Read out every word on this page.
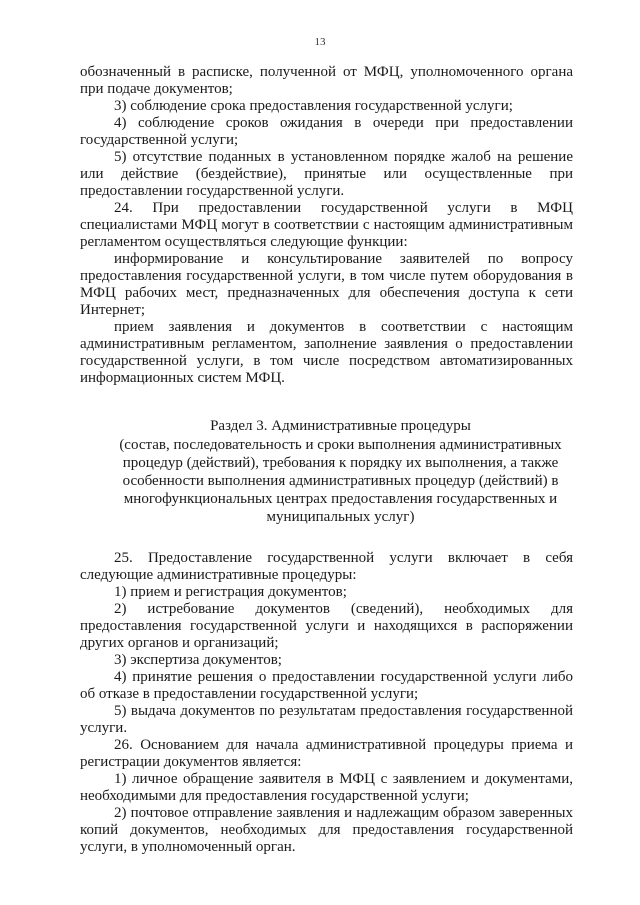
13

обозначенный в расписке, полученной от МФЦ, уполномоченного органа при подаче документов;

3) соблюдение срока предоставления государственной услуги;

4) соблюдение сроков ожидания в очереди при предоставлении государственной услуги;

5) отсутствие поданных в установленном порядке жалоб на решение или действие (бездействие), принятые или осуществленные при предоставлении государственной услуги.

24. При предоставлении государственной услуги в МФЦ специалистами МФЦ могут в соответствии с настоящим административным регламентом осуществляться следующие функции:

информирование и консультирование заявителей по вопросу предоставления государственной услуги, в том числе путем оборудования в МФЦ рабочих мест, предназначенных для обеспечения доступа к сети Интернет;

прием заявления и документов в соответствии с настоящим административным регламентом, заполнение заявления о предоставлении государственной услуги, в том числе посредством автоматизированных информационных систем МФЦ.

Раздел 3. Административные процедуры
(состав, последовательность и сроки выполнения административных процедур (действий), требования к порядку их выполнения, а также особенности выполнения административных процедур (действий) в многофункциональных центрах предоставления государственных и муниципальных услуг)

25. Предоставление государственной услуги включает в себя следующие административные процедуры:

1) прием и регистрация документов;

2) истребование документов (сведений), необходимых для предоставления государственной услуги и находящихся в распоряжении других органов и организаций;

3) экспертиза документов;

4) принятие решения о предоставлении государственной услуги либо об отказе в предоставлении государственной услуги;

5) выдача документов по результатам предоставления государственной услуги.

26. Основанием для начала административной процедуры приема и регистрации документов является:

1) личное обращение заявителя в МФЦ с заявлением и документами, необходимыми для предоставления государственной услуги;

2) почтовое отправление заявления и надлежащим образом заверенных копий документов, необходимых для предоставления государственной услуги, в уполномоченный орган.
